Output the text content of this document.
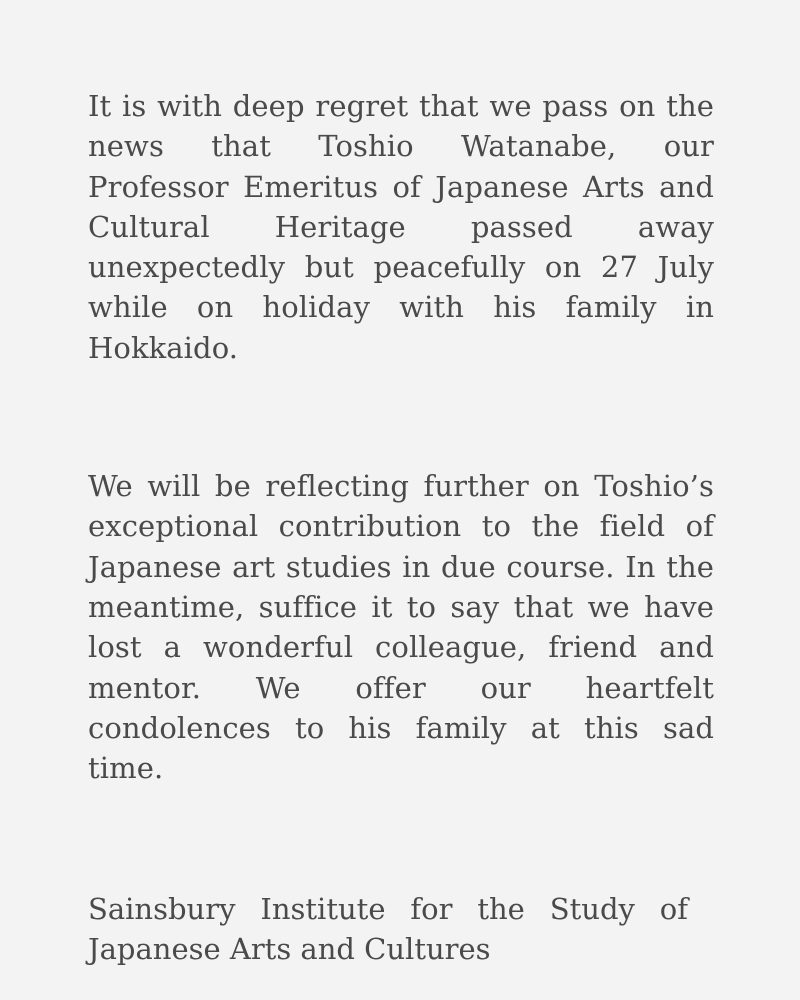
It is with deep regret that we pass on the news that Toshio Watanabe, our Professor Emeritus of Japanese Arts and Cultural Heritage passed away unexpectedly but peacefully on 27 July while on holiday with his family in Hokkaido.

We will be reflecting further on Toshio’s exceptional contribution to the field of Japanese art studies in due course. In the meantime, suffice it to say that we have lost a wonderful colleague, friend and mentor. We offer our heartfelt condolences to his family at this sad time.

Sainsbury Institute for the Study of
Japanese Arts and Cultures
